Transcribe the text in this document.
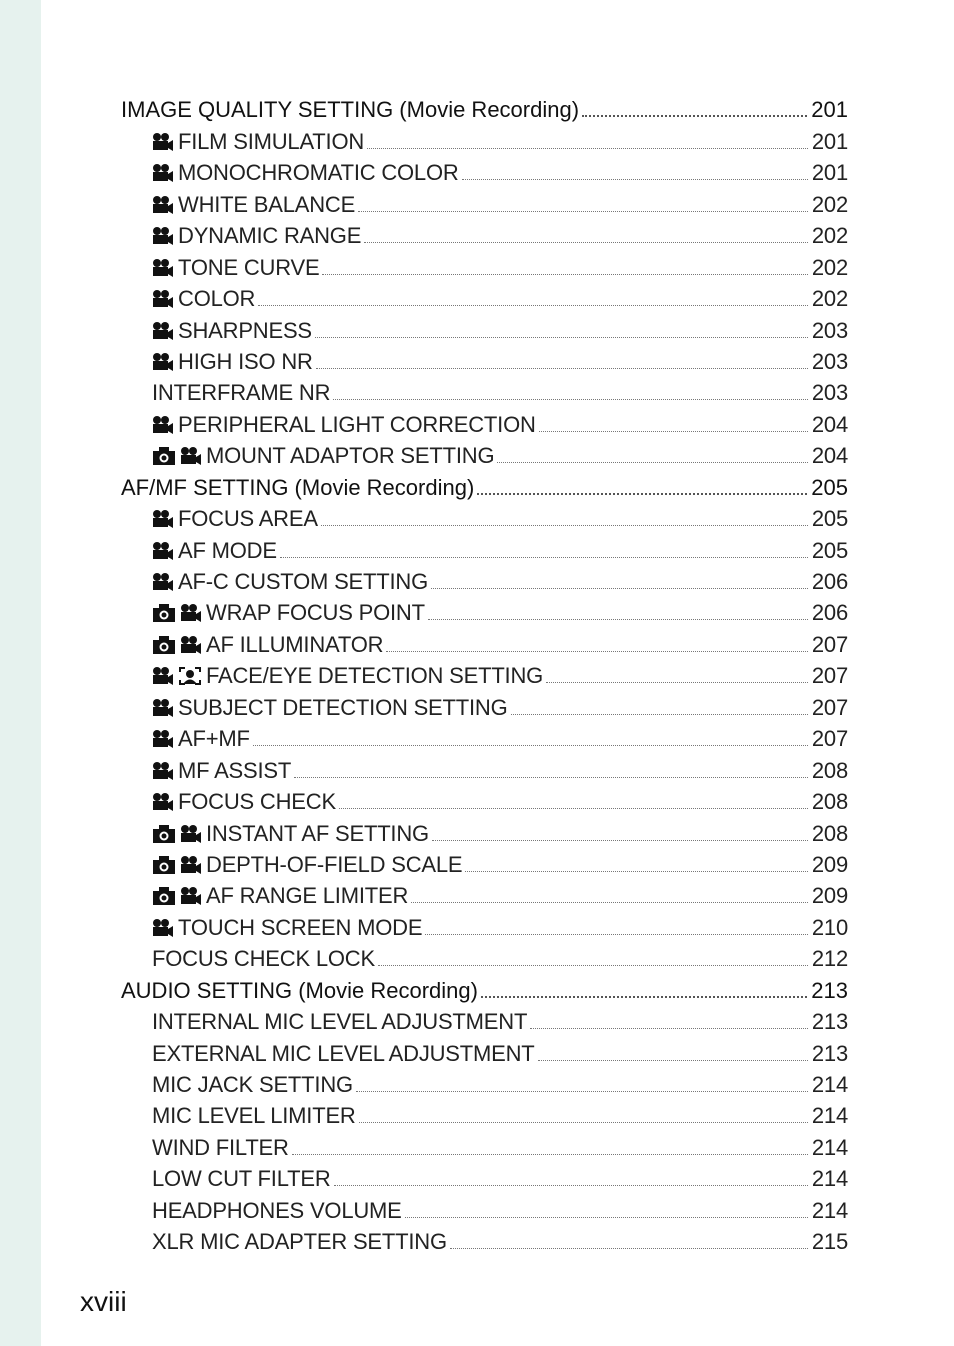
IMAGE QUALITY SETTING (Movie Recording)	201
FILM SIMULATION	201
MONOCHROMATIC COLOR	201
WHITE BALANCE	202
DYNAMIC RANGE	202
TONE CURVE	202
COLOR	202
SHARPNESS	203
HIGH ISO NR	203
INTERFRAME NR	203
PERIPHERAL LIGHT CORRECTION	204
MOUNT ADAPTOR SETTING	204
AF/MF SETTING (Movie Recording)	205
FOCUS AREA	205
AF MODE	205
AF-C CUSTOM SETTING	206
WRAP FOCUS POINT	206
AF ILLUMINATOR	207
FACE/EYE DETECTION SETTING	207
SUBJECT DETECTION SETTING	207
AF+MF	207
MF ASSIST	208
FOCUS CHECK	208
INSTANT AF SETTING	208
DEPTH-OF-FIELD SCALE	209
AF RANGE LIMITER	209
TOUCH SCREEN MODE	210
FOCUS CHECK LOCK	212
AUDIO SETTING (Movie Recording)	213
INTERNAL MIC LEVEL ADJUSTMENT	213
EXTERNAL MIC LEVEL ADJUSTMENT	213
MIC JACK SETTING	214
MIC LEVEL LIMITER	214
WIND FILTER	214
LOW CUT FILTER	214
HEADPHONES VOLUME	214
XLR MIC ADAPTER SETTING	215
xviii
